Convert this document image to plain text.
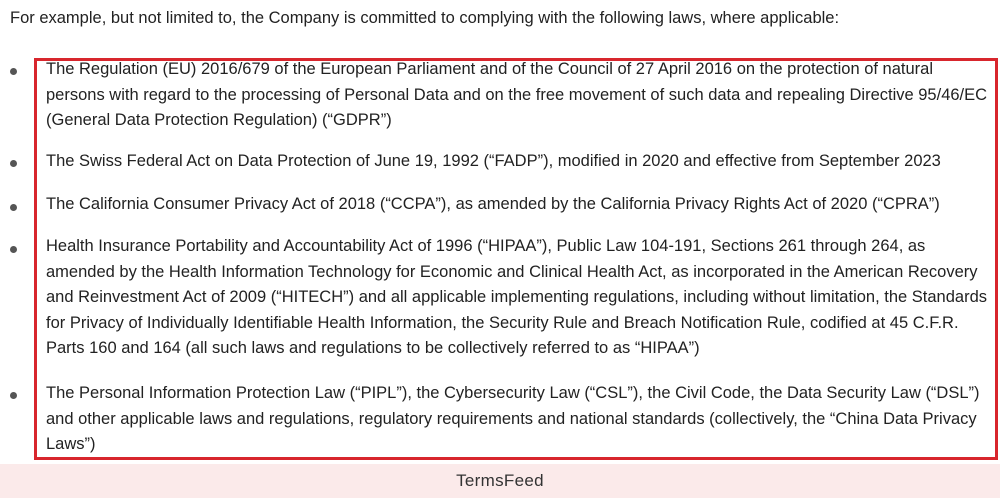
For example, but not limited to, the Company is committed to complying with the following laws, where applicable:

The Regulation (EU) 2016/679 of the European Parliament and of the Council of 27 April 2016 on the protection of natural persons with regard to the processing of Personal Data and on the free movement of such data and repealing Directive 95/46/EC (General Data Protection Regulation) (“GDPR”)
The Swiss Federal Act on Data Protection of June 19, 1992 (“FADP”), modified in 2020 and effective from September 2023
The California Consumer Privacy Act of 2018 (“CCPA”), as amended by the California Privacy Rights Act of 2020 (“CPRA”)
Health Insurance Portability and Accountability Act of 1996 (“HIPAA”), Public Law 104-191, Sections 261 through 264, as amended by the Health Information Technology for Economic and Clinical Health Act, as incorporated in the American Recovery and Reinvestment Act of 2009 (“HITECH”) and all applicable implementing regulations, including without limitation, the Standards for Privacy of Individually Identifiable Health Information, the Security Rule and Breach Notification Rule, codified at 45 C.F.R. Parts 160 and 164 (all such laws and regulations to be collectively referred to as “HIPAA”)
The Personal Information Protection Law (“PIPL”), the Cybersecurity Law (“CSL”), the Civil Code, the Data Security Law (“DSL”) and other applicable laws and regulations, regulatory requirements and national standards (collectively, the “China Data Privacy Laws”)
TermsFeed
